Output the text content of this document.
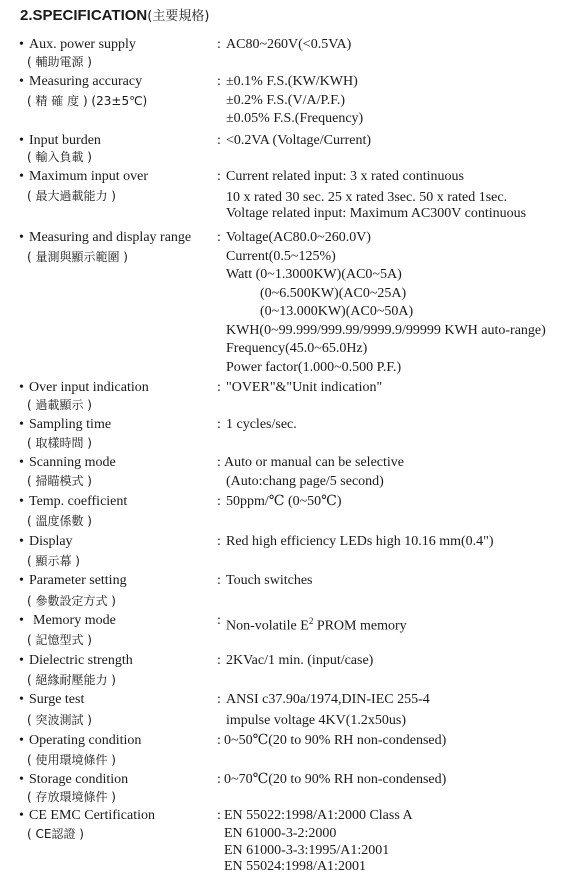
2.SPECIFICATION(主要規格)
• Aux. power supply
( 輔助電源 )
: AC80~260V(<0.5VA)
• Measuring accuracy
( 精 確 度 ) (23±5℃)
: ±0.1% F.S.(KW/KWH)
±0.2% F.S.(V/A/P.F.)
±0.05% F.S.(Frequency)
• Input burden
( 輸入負載 )
: <0.2VA (Voltage/Current)
• Maximum input over
( 最大過載能力 )
: Current related input: 3 x rated continuous
10 x rated 30 sec. 25 x rated 3sec. 50 x rated 1sec.
Voltage related input: Maximum AC300V continuous
• Measuring and display range
( 量測與顯示範圍 )
: Voltage(AC80.0~260.0V)
Current(0.5~125%)
Watt (0~1.3000KW)(AC0~5A)
(0~6.500KW)(AC0~25A)
(0~13.000KW)(AC0~50A)
KWH(0~99.999/999.99/9999.9/99999 KWH auto-range)
Frequency(45.0~65.0Hz)
Power factor(1.000~0.500 P.F.)
• Over input indication
( 過載顯示 )
: "OVER"&"Unit indication"
• Sampling time
( 取樣時間 )
: 1 cycles/sec.
• Scanning mode
( 掃瞄模式 )
: Auto or manual can be selective
(Auto:chang page/5 second)
• Temp. coefficient
( 溫度係數 )
: 50ppm/℃ (0~50℃)
• Display
( 顯示幕 )
: Red high efficiency LEDs high 10.16 mm(0.4")
• Parameter setting
( 參數設定方式 )
: Touch switches
• Memory mode
( 記憶型式 )
: Non-volatile $E^2$ PROM memory
• Dielectric strength
( 絕緣耐壓能力 )
: 2KVac/1 min. (input/case)
• Surge test
( 突波測試 )
: ANSI c37.90a/1974,DIN-IEC 255-4
impulse voltage 4KV(1.2x50us)
• Operating condition
( 使用環境條件 )
: 0~50℃(20 to 90% RH non-condensed)
• Storage condition
( 存放環境條件 )
: 0~70℃(20 to 90% RH non-condensed)
• CE EMC Certification
( CE認證 )
: EN 55022:1998/A1:2000 Class A
EN 61000-3-2:2000
EN 61000-3-3:1995/A1:2001
EN 55024:1998/A1:2001
